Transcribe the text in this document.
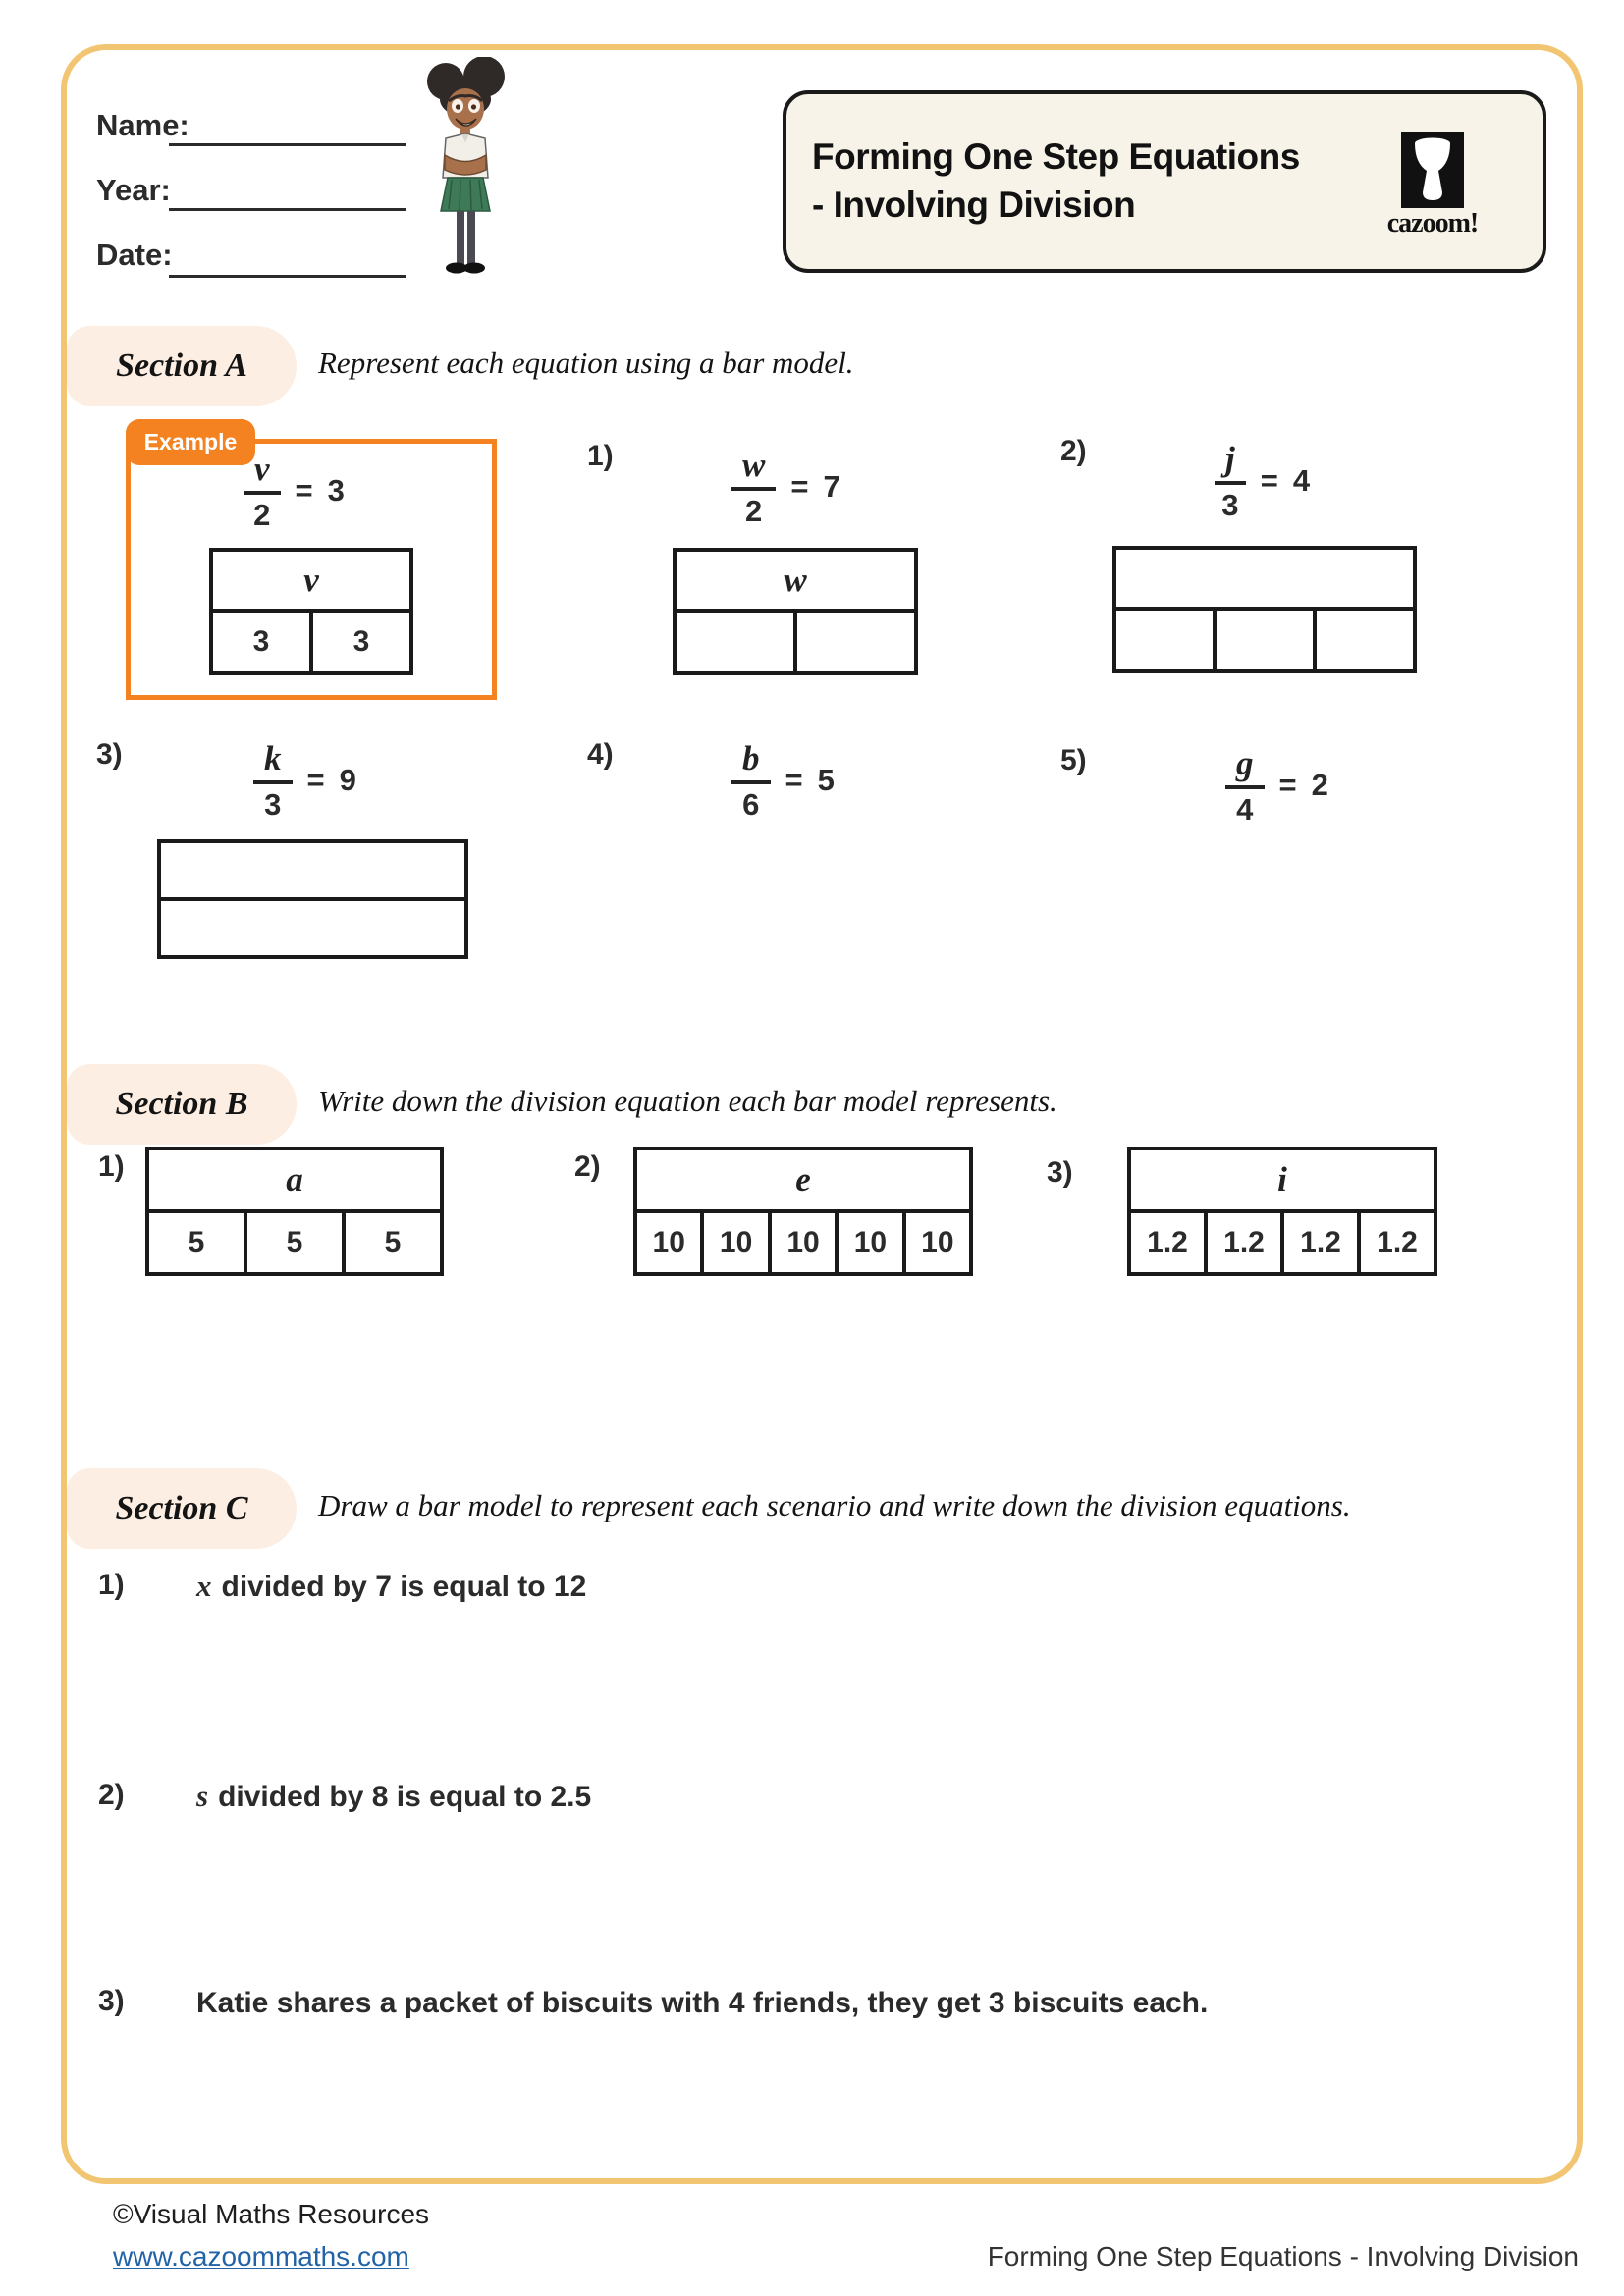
Name:
Year:
Date:
Forming One Step Equations
- Involving Division	cazoom!
Section A Represent each equation using a bar model.
Example
$\frac{v}{2} = 3$
v
3	3
1)	$\frac{w}{2} = 7$
w
2)	$\frac{j}{3} = 4$
3)	$\frac{k}{3} = 9$
4)	$\frac{b}{6} = 5$
5)	$\frac{g}{4} = 2$
Section B Write down the division equation each bar model represents.
1)	a
5	5	5
2)	e
10	10	10	10	10
3)	i
1.2	1.2	1.2	1.2
Section C Draw a bar model to represent each scenario and write down the division equations.
1) x divided by 7 is equal to 12
2) s divided by 8 is equal to 2.5
3) Katie shares a packet of biscuits with 4 friends, they get 3 biscuits each.
©Visual Maths Resources
www.cazoommaths.com	Forming One Step Equations - Involving Division
